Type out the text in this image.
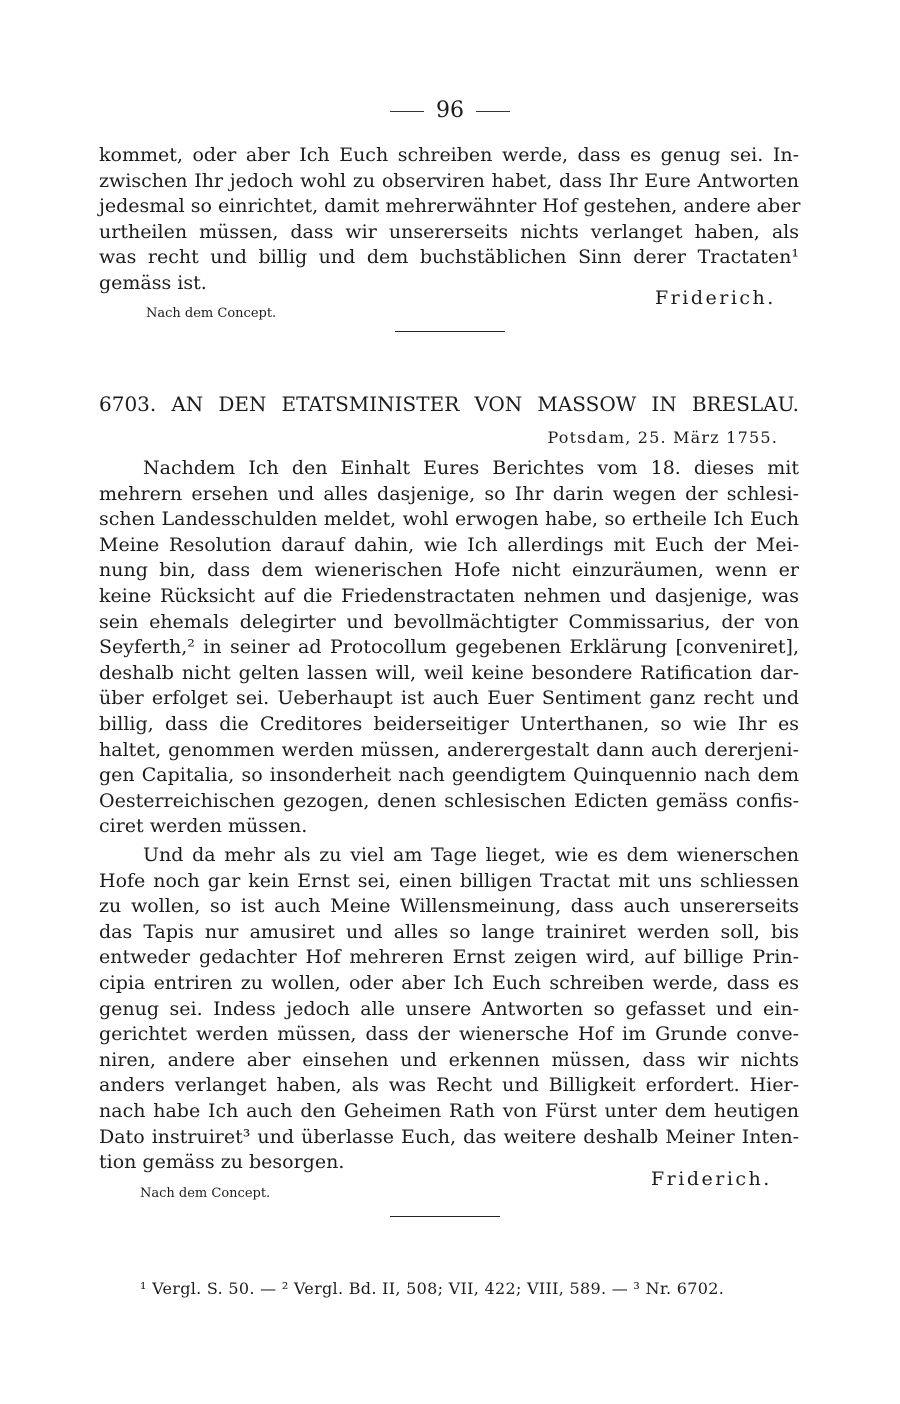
96
kommet, oder aber Ich Euch schreiben werde, dass es genug sei. In-
zwischen Ihr jedoch wohl zu observiren habet, dass Ihr Eure Antworten
jedesmal so einrichtet, damit mehrerwähnter Hof gestehen, andere aber
urtheilen müssen, dass wir unsererseits nichts verlanget haben, als
was recht und billig und dem buchstäblichen Sinn derer Tractaten¹
gemäss ist.
Friderich.
Nach dem Concept.
6703. AN DEN ETATSMINISTER VON MASSOW IN BRESLAU.
Potsdam, 25. März 1755.
Nachdem Ich den Einhalt Eures Berichtes vom 18. dieses mit
mehrern ersehen und alles dasjenige, so Ihr darin wegen der schlesi-
schen Landesschulden meldet, wohl erwogen habe, so ertheile Ich Euch
Meine Resolution darauf dahin, wie Ich allerdings mit Euch der Mei-
nung bin, dass dem wienerischen Hofe nicht einzuräumen, wenn er
keine Rücksicht auf die Friedenstractaten nehmen und dasjenige, was
sein ehemals delegirter und bevollmächtigter Commissarius, der von
Seyferth,² in seiner ad Protocollum gegebenen Erklärung [conveniret],
deshalb nicht gelten lassen will, weil keine besondere Ratification dar-
über erfolget sei. Ueberhaupt ist auch Euer Sentiment ganz recht und
billig, dass die Creditores beiderseitiger Unterthanen, so wie Ihr es
haltet, genommen werden müssen, anderergestalt dann auch dererjeni-
gen Capitalia, so insonderheit nach geendigtem Quinquennio nach dem
Oesterreichischen gezogen, denen schlesischen Edicten gemäss confis-
ciret werden müssen.
Und da mehr als zu viel am Tage lieget, wie es dem wienerschen
Hofe noch gar kein Ernst sei, einen billigen Tractat mit uns schliessen
zu wollen, so ist auch Meine Willensmeinung, dass auch unsererseits
das Tapis nur amusiret und alles so lange trainiret werden soll, bis
entweder gedachter Hof mehreren Ernst zeigen wird, auf billige Prin-
cipia entriren zu wollen, oder aber Ich Euch schreiben werde, dass es
genug sei. Indess jedoch alle unsere Antworten so gefasset und ein-
gerichtet werden müssen, dass der wienersche Hof im Grunde conve-
niren, andere aber einsehen und erkennen müssen, dass wir nichts
anders verlanget haben, als was Recht und Billigkeit erfordert. Hier-
nach habe Ich auch den Geheimen Rath von Fürst unter dem heutigen
Dato instruiret³ und überlasse Euch, das weitere deshalb Meiner Inten-
tion gemäss zu besorgen.
Friderich.
Nach dem Concept.
¹ Vergl. S. 50. — ² Vergl. Bd. II, 508; VII, 422; VIII, 589. — ³ Nr. 6702.
